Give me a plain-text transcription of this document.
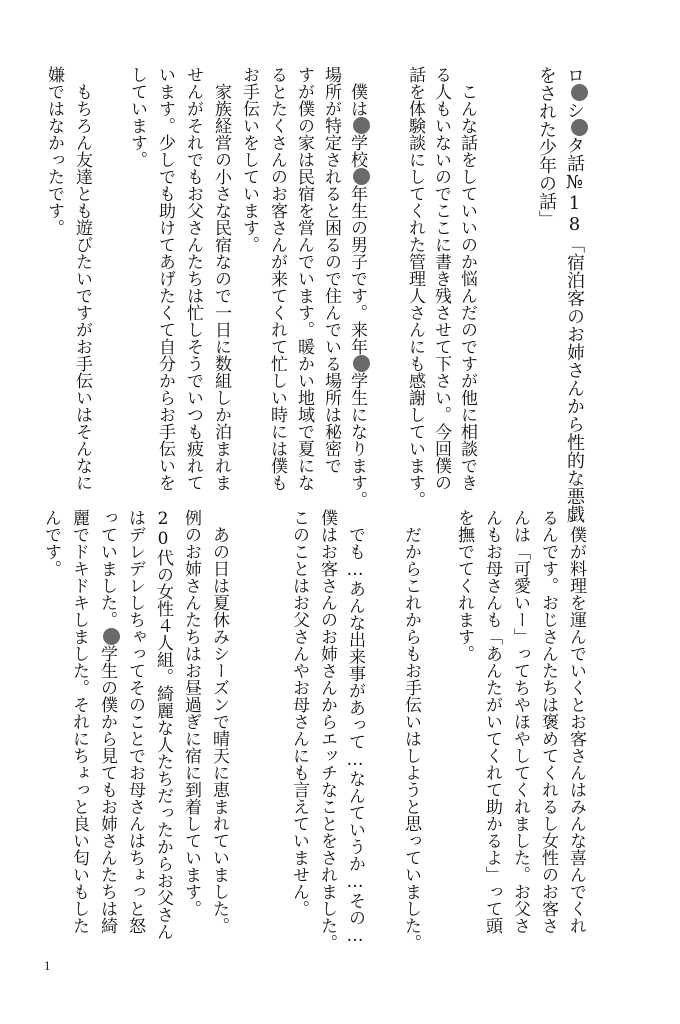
ロシタ話№18「宿泊客のお姉さんから性的な悪戯
をされた少年の話」
　こんな話をしていいのか悩んだのですが他に相談でき
る人もいないのでここに書き残させて下さい。今回僕の
話を体験談にしてくれた管理人さんにも感謝しています。
　僕は学校年生の男子です。来年学生になります。
場所が特定されると困るので住んでいる場所は秘密で
すが僕の家は民宿を営んでいます。暖かい地域で夏にな
るとたくさんのお客さんが来てくれて忙しい時には僕も
お手伝いをしています。
　家族経営の小さな民宿なので一日に数組しか泊まれま
せんがそれでもお父さんたちは忙しそうでいつも疲れて
います。少しでも助けてあげたくて自分からお手伝いを
しています。
　もちろん友達とも遊びたいですがお手伝いはそんなに
嫌ではなかったです。
　僕が料理を運んでいくとお客さんはみんな喜んでくれ
るんです。おじさんたちは褒めてくれるし女性のお客さ
んは「可愛いー」ってちやほやしてくれました。お父さ
んもお母さんも「あんたがいてくれて助かるよ」って頭
を撫でてくれます。
　だからこれからもお手伝いはしようと思っていました。
　でも…あんな出来事があって…なんていうか…その…
僕はお客さんのお姉さんからエッチなことをされました。
このことはお父さんやお母さんにも言えていません。
　あの日は夏休みシーズンで晴天に恵まれていました。
例のお姉さんたちはお昼過ぎに宿に到着しています。
20代の女性４人組。綺麗な人たちだったからお父さん
はデレデレしちゃってそのことでお母さんはちょっと怒
っていました。学生の僕から見てもお姉さんたちは綺
麗でドキドキしました。それにちょっと良い匂いもした
んです。
1
